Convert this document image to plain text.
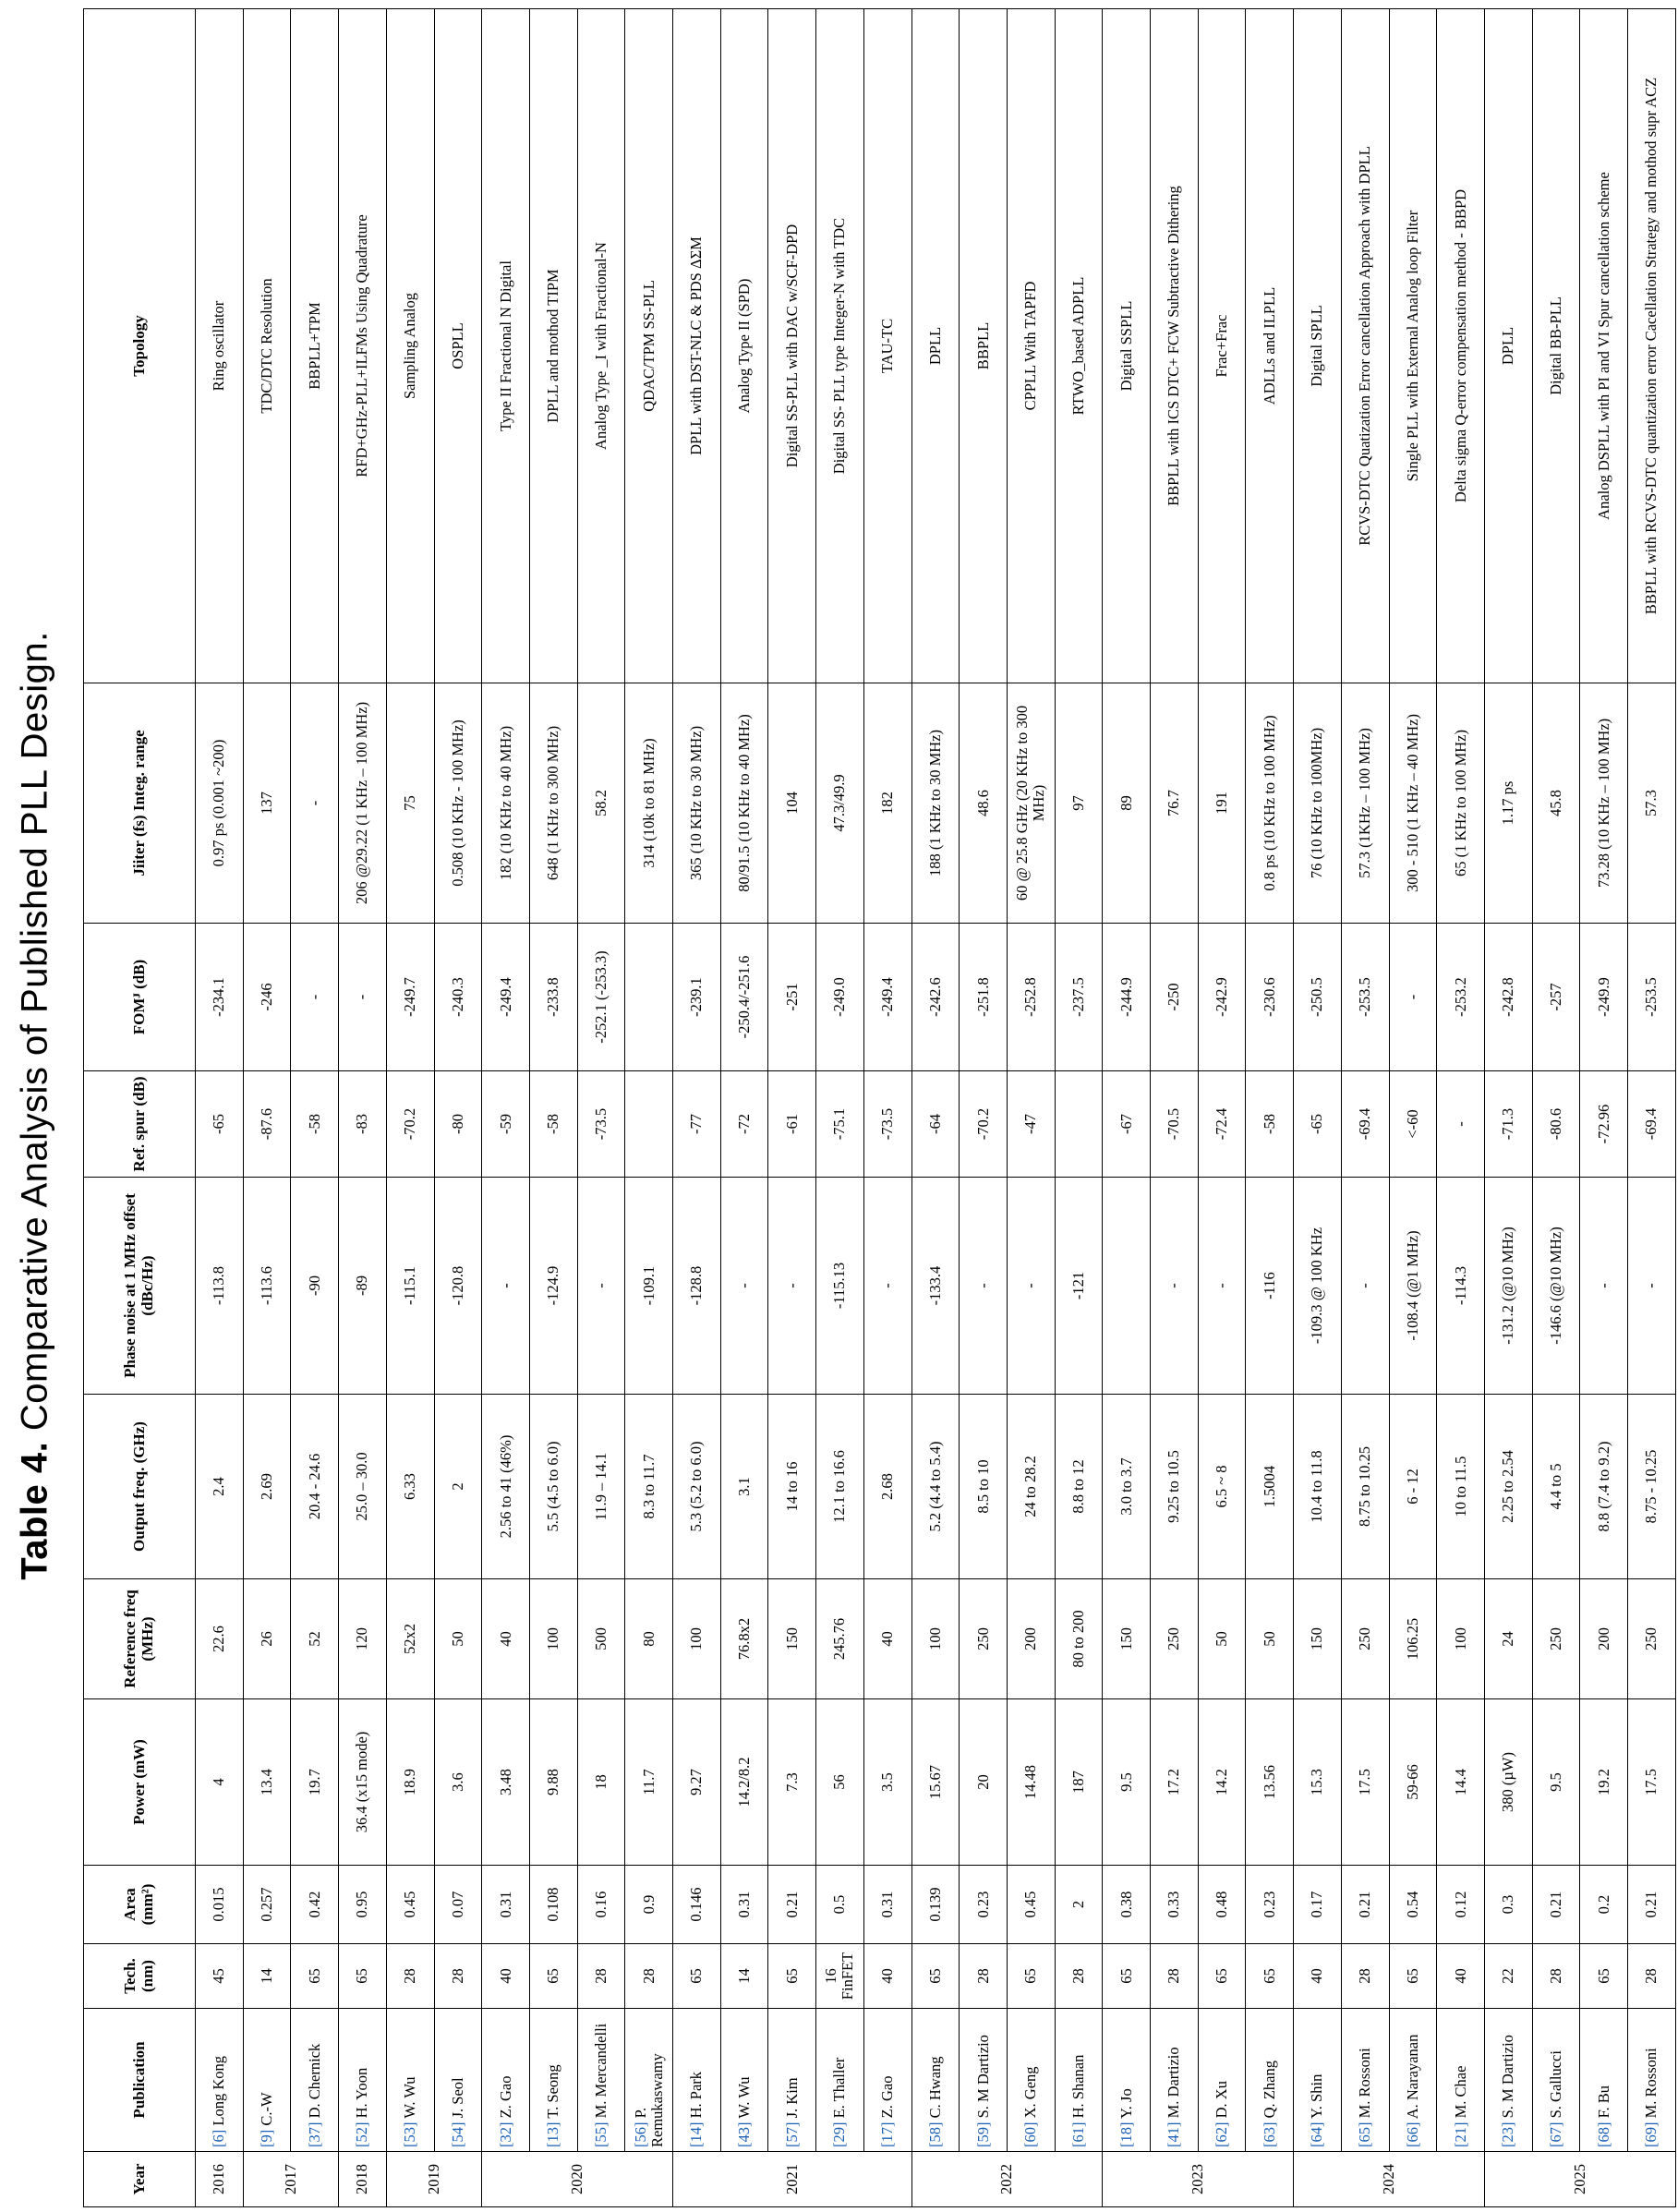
Table 4. Comparative Analysis of Published PLL Design.
Year	Publication	Tech. (nm)	Area (mm²)	Power (mW)	Reference freq (MHz)	Output freq. (GHz)	Phase noise at 1 MHz offset (dBc/Hz)	Ref. spur (dB)	FOMᴶ (dB)	Jiiter (fs) Integ. range	Topology
2016	[6] Long Kong	45	0.015	4	22.6	2.4	-113.8	-65	-234.1	0.97 ps (0.001 ~200)	Ring oscillator
2017	[9] C.-W	14	0.257	13.4	26	2.69	-113.6	-87.6	-246	137	TDC/DTC Resolution
	[37] D. Chernick	65	0.42	19.7	52	20.4 - 24.6	-90	-58	-	-	BBPLL+TPM
2018	[52] H. Yoon	65	0.95	36.4 (x15 mode)	120	25.0 – 30.0	-89	-83	-	206 @29.22 (1 KHz – 100 MHz)	RFD+GHz-PLL+ILFMs Using Quadrature
2019	[53] W. Wu	28	0.45	18.9	52x2	6.33	-115.1	-70.2	-249.7	75	Sampling Analog
	[54] J. Seol	28	0.07	3.6	50	2	-120.8	-80	-240.3	0.508 (10 KHz - 100 MHz)	OSPLL
2020	[32] Z. Gao	40	0.31	3.48	40	2.56 to 41 (46%)	-	-59	-249.4	182 (10 KHz to 40 MHz)	Type II Fractional N Digital
	[13] T. Seong	65	0.108	9.88	100	5.5 (4.5 to 6.0)	-124.9	-58	-233.8	648 (1 KHz to 300 MHz)	DPLL and mothod TIPM
	[55] M. Mercandelli	28	0.16	18	500	11.9 – 14.1	-	-73.5	-252.1 (-253.3)	58.2	Analog Type _I with Fractional-N
	[56] P. Remukaswamy	28	0.9	11.7	80	8.3 to 11.7	-109.1			314 (10k to 81 MHz)	QDAC/TPM SS-PLL
2021	[14] H. Park	65	0.146	9.27	100	5.3 (5.2 to 6.0)	-128.8	-77	-239.1	365 (10 KHz to 30 MHz)	DPLL with DST-NLC & PDS ΔΣM
	[43] W. Wu	14	0.31	14.2/8.2	76.8x2	3.1	-	-72	-250.4/-251.6	80/91.5 (10 KHz to 40 MHz)	Analog Type II (SPD)
	[57] J. Kim	65	0.21	7.3	150	14 to 16	-	-61	-251	104	Digital SS-PLL with DAC w/SCF-DPD
	[29] E. Thaller	16 FinFET	0.5	56	245.76	12.1 to 16.6	-115.13	-75.1	-249.0	47.3/49.9	Digital SS- PLL type Integer-N with TDC
	[17] Z. Gao	40	0.31	3.5	40	2.68	-	-73.5	-249.4	182	TAU-TC
2022	[58] C. Hwang	65	0.139	15.67	100	5.2 (4.4 to 5.4)	-133.4	-64	-242.6	188 (1 KHz to 30 MHz)	DPLL
	[59] S. M Dartizio	28	0.23	20	250	8.5 to 10	-	-70.2	-251.8	48.6	BBPLL
	[60] X. Geng	65	0.45	14.48	200	24 to 28.2	-	-47	-252.8	60 @ 25.8 GHz (20 KHz to 300 MHz)	CPPLL With TAPFD
	[61] H. Shanan	28	2	187	80 to 200	8.8 to 12	-121		-237.5	97	RTWO_based ADPLL
2023	[18] Y. Jo	65	0.38	9.5	150	3.0 to 3.7		-67	-244.9	89	Digital SSPLL
	[41] M. Dartizio	28	0.33	17.2	250	9.25 to 10.5	-	-70.5	-250	76.7	BBPLL with ICS DTC+ FCW Subtractive Dithering
	[62] D. Xu	65	0.48	14.2	50	6.5 ~ 8	-	-72.4	-242.9	191	Frac+Frac
	[63] Q. Zhang	65	0.23	13.56	50	1.5004	-116	-58	-230.6	0.8 ps (10 KHz to 100 MHz)	ADLLs and ILPLL
2024	[64] Y. Shin	40	0.17	15.3	150	10.4 to 11.8	-109.3 @ 100 KHz	-65	-250.5	76 (10 KHz to 100MHz)	Digital SPLL
	[65] M. Rossoni	28	0.21	17.5	250	8.75 to 10.25	-	-69.4	-253.5	57.3 (1KHz – 100 MHz)	RCVS-DTC Quatization Error cancellation Approach with DPLL
	[66] A. Narayanan	65	0.54	59-66	106.25	6 - 12	-108.4 (@1 MHz)	<-60	-	300 - 510 (1 KHz – 40 MHz)	Single PLL with External Analog loop Filter
	[21] M. Chae	40	0.12	14.4	100	10 to 11.5	-114.3	-	-253.2	65 (1 KHz to 100 MHz)	Delta sigma Q-error compensation method - BBPD
2025	[23] S. M Dartizio	22	0.3	380 (µW)	24	2.25 to 2.54	-131.2 (@10 MHz)	-71.3	-242.8	1.17 ps	DPLL
	[67] S. Gallucci	28	0.21	9.5	250	4.4 to 5	-146.6 (@10 MHz)	-80.6	-257	45.8	Digital BB-PLL
	[68] F. Bu	65	0.2	19.2	200	8.8 (7.4 to 9.2)	-	-72.96	-249.9	73.28 (10 KHz – 100 MHz)	Analog DSPLL with PI and VI Spur cancellation scheme
	[69] M. Rossoni	28	0.21	17.5	250	8.75 - 10.25	-	-69.4	-253.5	57.3	BBPLL with RCVS-DTC quantization error Cacellation Strategy and mothod supr ACZ
